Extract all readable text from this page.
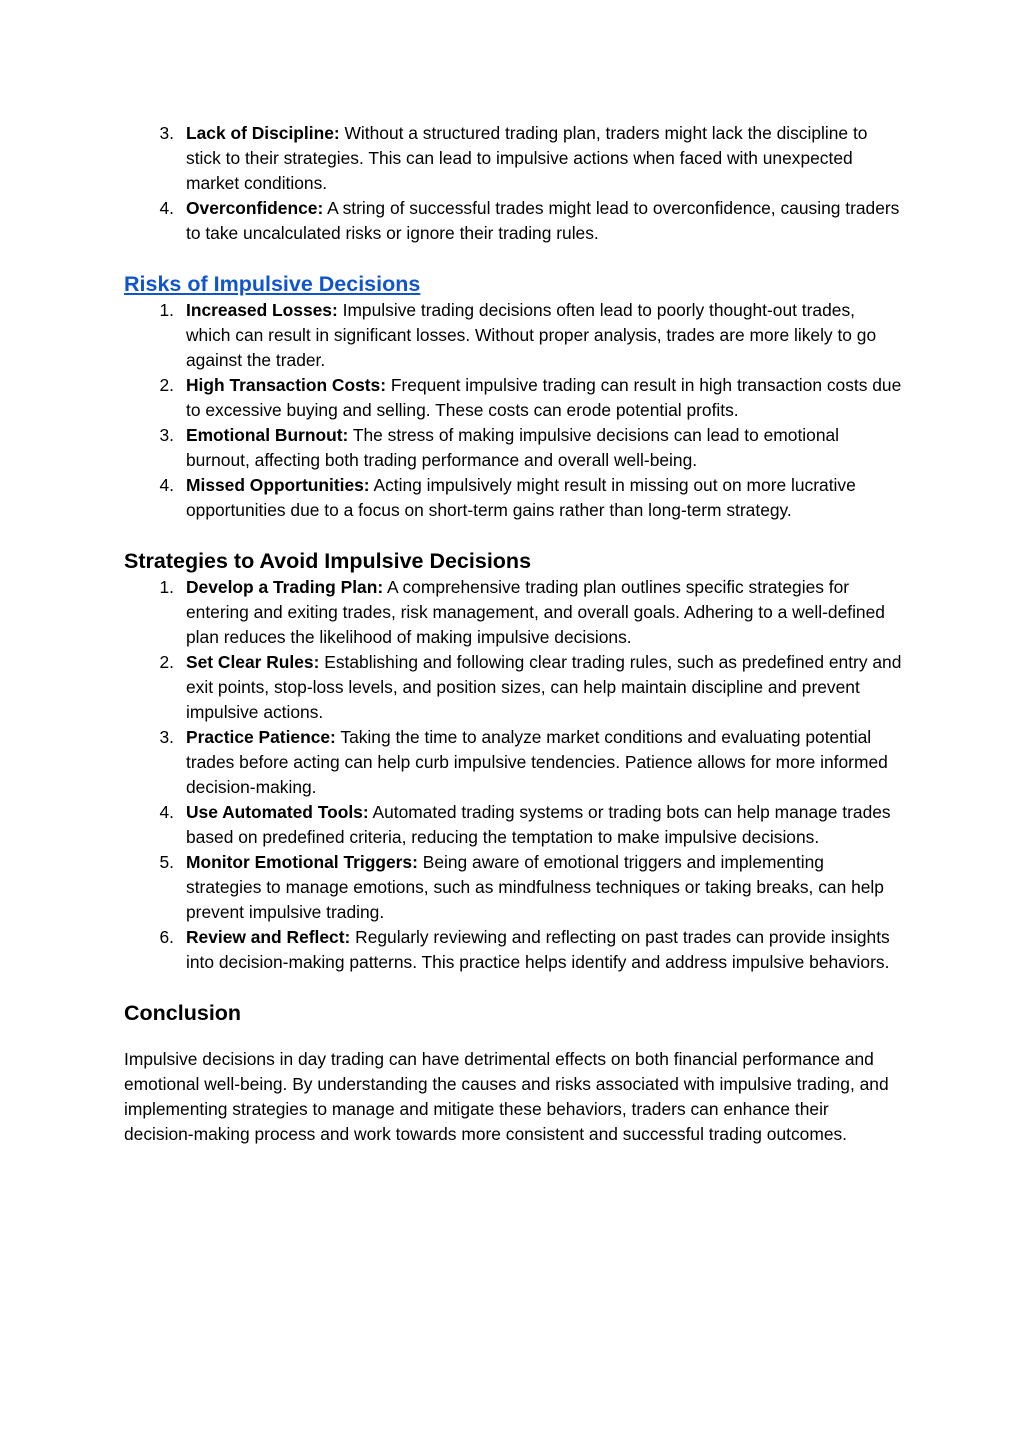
3. Lack of Discipline: Without a structured trading plan, traders might lack the discipline to stick to their strategies. This can lead to impulsive actions when faced with unexpected market conditions.
4. Overconfidence: A string of successful trades might lead to overconfidence, causing traders to take uncalculated risks or ignore their trading rules.
Risks of Impulsive Decisions
1. Increased Losses: Impulsive trading decisions often lead to poorly thought-out trades, which can result in significant losses. Without proper analysis, trades are more likely to go against the trader.
2. High Transaction Costs: Frequent impulsive trading can result in high transaction costs due to excessive buying and selling. These costs can erode potential profits.
3. Emotional Burnout: The stress of making impulsive decisions can lead to emotional burnout, affecting both trading performance and overall well-being.
4. Missed Opportunities: Acting impulsively might result in missing out on more lucrative opportunities due to a focus on short-term gains rather than long-term strategy.
Strategies to Avoid Impulsive Decisions
1. Develop a Trading Plan: A comprehensive trading plan outlines specific strategies for entering and exiting trades, risk management, and overall goals. Adhering to a well-defined plan reduces the likelihood of making impulsive decisions.
2. Set Clear Rules: Establishing and following clear trading rules, such as predefined entry and exit points, stop-loss levels, and position sizes, can help maintain discipline and prevent impulsive actions.
3. Practice Patience: Taking the time to analyze market conditions and evaluating potential trades before acting can help curb impulsive tendencies. Patience allows for more informed decision-making.
4. Use Automated Tools: Automated trading systems or trading bots can help manage trades based on predefined criteria, reducing the temptation to make impulsive decisions.
5. Monitor Emotional Triggers: Being aware of emotional triggers and implementing strategies to manage emotions, such as mindfulness techniques or taking breaks, can help prevent impulsive trading.
6. Review and Reflect: Regularly reviewing and reflecting on past trades can provide insights into decision-making patterns. This practice helps identify and address impulsive behaviors.
Conclusion

Impulsive decisions in day trading can have detrimental effects on both financial performance and emotional well-being. By understanding the causes and risks associated with impulsive trading, and implementing strategies to manage and mitigate these behaviors, traders can enhance their decision-making process and work towards more consistent and successful trading outcomes.
